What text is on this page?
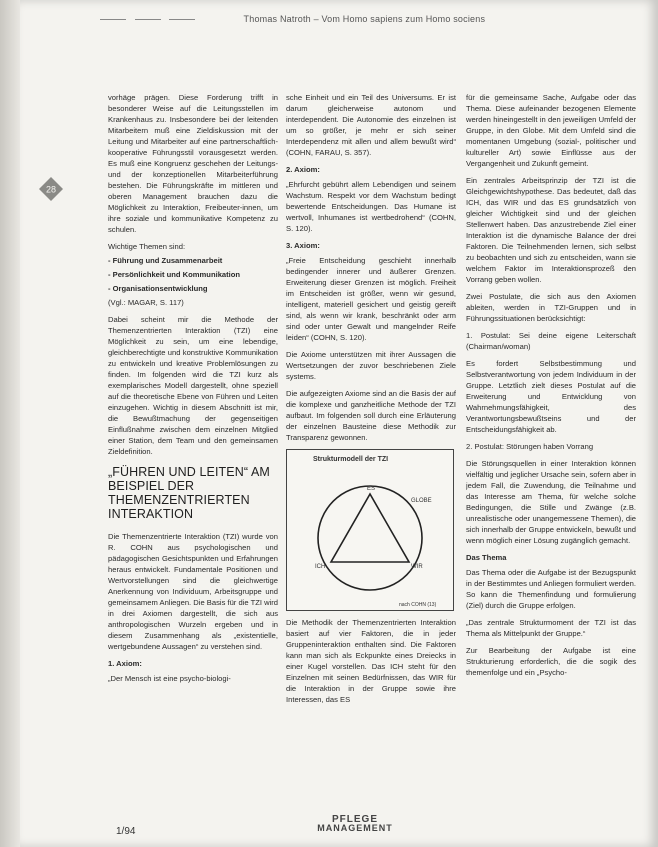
Thomas Natroth – Vom Homo sapiens zum Homo sociens
28

vorhäge prägen. Diese Forderung trifft in besonderer Weise auf die Leitungsstellen im Krankenhaus zu. Insbesondere bei der leitenden Mitarbeitern muß eine Zieldiskussion mit der Leitung und Mitarbeiter auf eine partnerschaftlich-kooperative Führungsstil vorausgesetzt werden. Es muß eine Kongruenz geschehen der Leitungs- und der konzeptionellen Mitarbeiterführung bestehen. Die Führungskräfte im mittleren und oberen Management brauchen dazu die Möglichkeit zu Interaktion, Freibeuter-innen, um ihre soziale und kommunikative Kompetenz zu schulen.

Wichtige Themen sind:

- Führung und Zusammenarbeit
- Persönlichkeit und Kommunikation
- Organisationsentwicklung

(Vgl.: MAGAR, S. 117)

Dabei scheint mir die Methode der Themenzentrierten Interaktion (TZI) eine Möglichkeit zu sein, um eine lebendige, gleichberechtigte und konstruktive Kommunikation zu entwickeln und kreative Problemlösungen zu finden. Im folgenden wird die TZI kurz als exemplarisches Modell dargestellt, ohne speziell auf die theoretische Ebene von Führen und Leiten einzugehen. Wichtig in diesem Abschnitt ist mir, die Bewußtmachung der gegenseitigen Einflußnahme zwischen dem einzelnen Mitglied einer Station, dem Team und den gemeinsamen Zieldefinition.

„FÜHREN UND LEITEN“ AM BEISPIEL DER THEMENZENTRIERTEN INTERAKTION

Die Themenzentrierte Interaktion (TZI) wurde von R. COHN aus psychologischen und pädagogischen Gesichtspunkten und Erfahrungen heraus entwickelt. Fundamentale Positionen und Wertvorstellungen sind die gleichwertige Anerkennung von Individuum, Arbeitsgruppe und gemeinsamem Anliegen. Die Basis für die TZI wird in drei Axiomen dargestellt, die sich aus anthropologischen Wurzeln ergeben und in diesem Zusammenhang als „existentielle, wertgebundene Aussagen“ zu verstehen sind.

1. Axiom:

„Der Mensch ist eine psycho-biologi-

sche Einheit und ein Teil des Universums. Er ist darum gleicherweise autonom und interdependent. Die Autonomie des einzelnen ist um so größer, je mehr er sich seiner Interdependenz mit allen und allem bewußt wird“ (COHN, FARAU, S. 357).

2. Axiom:

„Ehrfurcht gebührt allem Lebendigen und seinem Wachstum. Respekt vor dem Wachstum bedingt bewertende Entscheidungen. Das Humane ist wertvoll, Inhumanes ist wertbedrohend“ (COHN, S. 120).

3. Axiom:

„Freie Entscheidung geschieht innerhalb bedingender innerer und äußerer Grenzen. Erweiterung dieser Grenzen ist möglich. Freiheit im Entscheiden ist größer, wenn wir gesund, intelligent, materiell gesichert und geistig gereift sind, als wenn wir krank, beschränkt oder arm sind oder unter Gewalt und mangelnder Reife leiden“ (COHN, S. 120).

Die Axiome unterstützen mit ihrer Aussagen die Wertsetzungen der zuvor beschriebenen Ziele systems.

Die aufgezeigten Axiome sind an die Basis der auf die komplexe und ganzheitliche Methode der TZI aufbaut. Im folgenden soll durch eine Erläuterung der einzelnen Bausteine diese Methodik zur Transparenz gewonnen.

Strukturmodell der TZI
ES
GLOBE
ICH	WIR
nach COHN (13)

Die Methodik der Themenzentrierten Interaktion basiert auf vier Faktoren, die in jeder Gruppeninteraktion enthalten sind. Die Faktoren kann man sich als Eckpunkte eines Dreiecks in einer Kugel vorstellen. Das ICH steht für den Einzelnen mit seinen Bedürfnissen, das WIR für die Interaktion in der Gruppe sowie ihre Interessen, das ES

für die gemeinsame Sache, Aufgabe oder das Thema. Diese aufeinander bezogenen Elemente werden hineingestellt in den jeweiligen Umfeld der Gruppe, in den Globe. Mit dem Umfeld sind die momentanen Umgebung (sozial-, politischer und kultureller Art) sowie Einflüsse aus der Vergangenheit und Zukunft gemeint.

Ein zentrales Arbeitsprinzip der TZI ist die Gleichgewichtshypothese. Das bedeutet, daß das ICH, das WIR und das ES grundsätzlich von gleicher Wichtigkeit sind und der gleichen Stellenwert haben. Das anzustrebende Ziel einer Interaktion ist die dynamische Balance der drei Faktoren. Die Teilnehmenden lernen, sich selbst zu beobachten und sich zu entscheiden, wann sie welchem Faktor im Interaktionsprozeß den Vorrang geben wollen.

Zwei Postulate, die sich aus den Axiomen ableiten, werden in TZI-Gruppen und in Führungssituationen berücksichtigt:

1. Postulat: Sei deine eigene Leiterschaft (Chairman/woman)

Es fordert Selbstbestimmung und Selbstverantwortung von jedem Individuum in der Gruppe. Letztlich zielt dieses Postulat auf die Erweiterung und Entwicklung von Wahrnehmungsfähigkeit, des Verantwortungsbewußtseins und der Entscheidungsfähigkeit ab.

2. Postulat: Störungen haben Vorrang

Die Störungsquellen in einer Interaktion können vielfältig und jeglicher Ursache sein, sofern aber in jedem Fall, die Zuwendung, die Teilnahme und das Interesse am Thema, für welche solche Bedingungen, die Stille und Zwänge (z.B. unrealistische oder unangemessene Themen), die sich innerhalb der Gruppe entwickeln, bewußt und wenn möglich einer Lösung zugänglich gemacht.

Das Thema

Das Thema oder die Aufgabe ist der Bezugspunkt in der Bestimmtes und Anliegen formuliert werden. So kann die Themenfindung und formulierung (Ziel) durch die Gruppe erfolgen.

„Das zentrale Strukturmoment der TZI ist das Thema als Mittelpunkt der Gruppe.“

Zur Bearbeitung der Aufgabe ist eine Strukturierung erforderlich, die die sogik des themenfolge und ein „Psycho-

1/94
PFLEGE
MANAGEMENT
